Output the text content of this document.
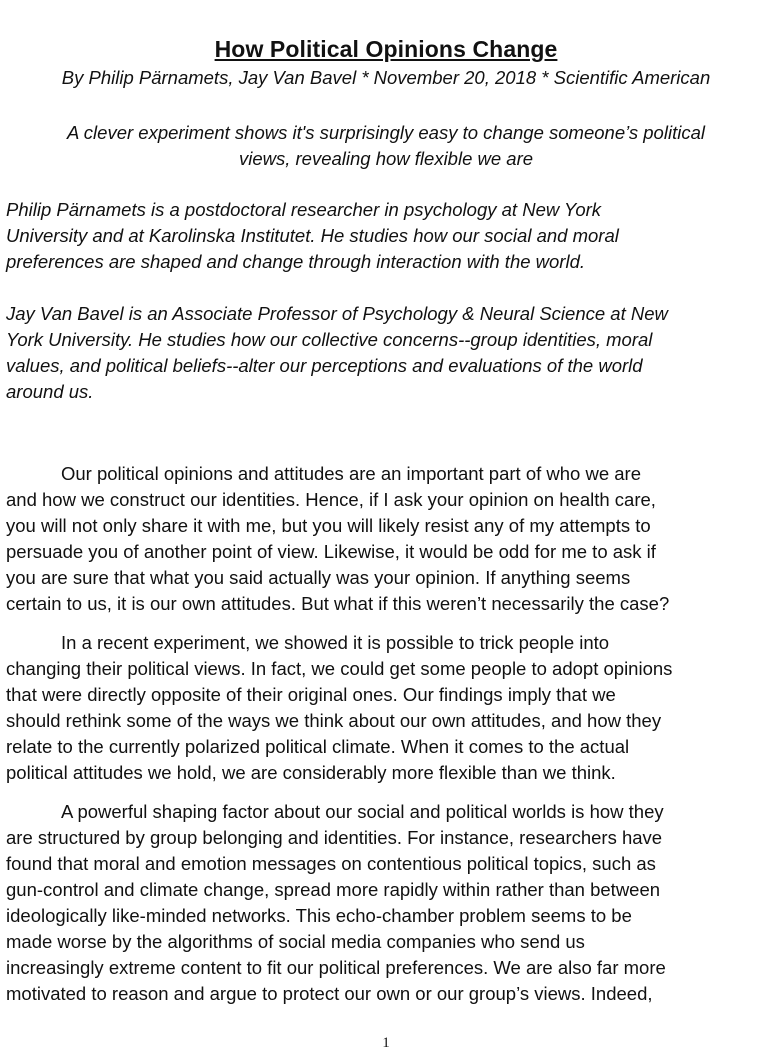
How Political Opinions Change
By Philip Pärnamets, Jay Van Bavel * November 20, 2018 * Scientific American
A clever experiment shows it's surprisingly easy to change someone’s political
views, revealing how flexible we are
Philip Pärnamets is a postdoctoral researcher in psychology at New York
University and at Karolinska Institutet. He studies how our social and moral
preferences are shaped and change through interaction with the world.
Jay Van Bavel is an Associate Professor of Psychology & Neural Science at New
York University. He studies how our collective concerns--group identities, moral
values, and political beliefs--alter our perceptions and evaluations of the world
around us.
Our political opinions and attitudes are an important part of who we are
and how we construct our identities. Hence, if I ask your opinion on health care,
you will not only share it with me, but you will likely resist any of my attempts to
persuade you of another point of view. Likewise, it would be odd for me to ask if
you are sure that what you said actually was your opinion. If anything seems
certain to us, it is our own attitudes. But what if this weren’t necessarily the case?
In a recent experiment, we showed it is possible to trick people into
changing their political views. In fact, we could get some people to adopt opinions
that were directly opposite of their original ones. Our findings imply that we
should rethink some of the ways we think about our own attitudes, and how they
relate to the currently polarized political climate. When it comes to the actual
political attitudes we hold, we are considerably more flexible than we think.
A powerful shaping factor about our social and political worlds is how they
are structured by group belonging and identities. For instance, researchers have
found that moral and emotion messages on contentious political topics, such as
gun-control and climate change, spread more rapidly within rather than between
ideologically like-minded networks. This echo-chamber problem seems to be
made worse by the algorithms of social media companies who send us
increasingly extreme content to fit our political preferences. We are also far more
motivated to reason and argue to protect our own or our group’s views. Indeed,
1
